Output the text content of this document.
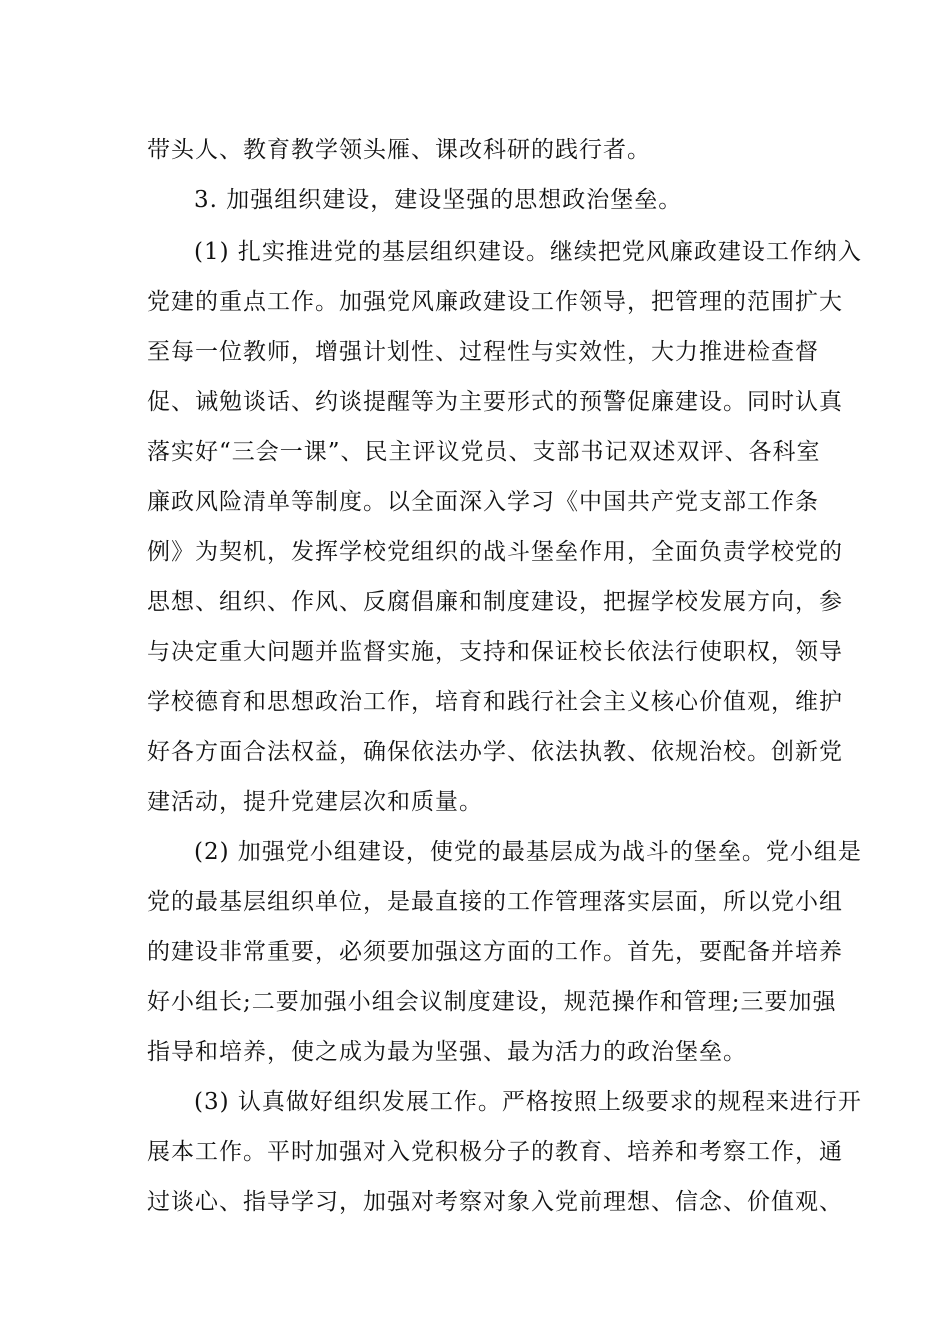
带头人、教育教学领头雁、课改科研的践行者。
3. 加强组织建设，建设坚强的思想政治堡垒。
(1) 扎实推进党的基层组织建设。继续把党风廉政建设工作纳入
党建的重点工作。加强党风廉政建设工作领导，把管理的范围扩大
至每一位教师，增强计划性、过程性与实效性，大力推进检查督
促、诫勉谈话、约谈提醒等为主要形式的预警促廉建设。同时认真
落实好“三会一课”、民主评议党员、支部书记双述双评、各科室
廉政风险清单等制度。以全面深入学习《中国共产党支部工作条
例》为契机，发挥学校党组织的战斗堡垒作用，全面负责学校党的
思想、组织、作风、反腐倡廉和制度建设，把握学校发展方向，参
与决定重大问题并监督实施，支持和保证校长依法行使职权，领导
学校德育和思想政治工作，培育和践行社会主义核心价值观，维护
好各方面合法权益，确保依法办学、依法执教、依规治校。创新党
建活动，提升党建层次和质量。
(2) 加强党小组建设，使党的最基层成为战斗的堡垒。党小组是
党的最基层组织单位，是最直接的工作管理落实层面，所以党小组
的建设非常重要，必须要加强这方面的工作。首先，要配备并培养
好小组长;二要加强小组会议制度建设，规范操作和管理;三要加强
指导和培养，使之成为最为坚强、最为活力的政治堡垒。
(3) 认真做好组织发展工作。严格按照上级要求的规程来进行开
展本工作。平时加强对入党积极分子的教育、培养和考察工作，通
过谈心、指导学习，加强对考察对象入党前理想、信念、价值观、
